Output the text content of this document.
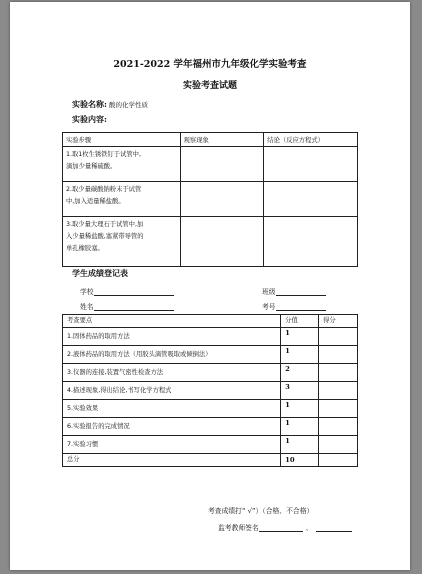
2021-2022 学年福州市九年级化学实验考查
实验考查试题
实验名称: 酸的化学性质
实验内容:
实验步骤	观察现象	结论（反应方程式）

1.取1枚生锈铁钉于试管中,
滴加少量稀硫酸。		

2.取少量碳酸钠粉末于试管
中,加入适量稀盐酸。		

3.取少量大理石于试管中,加
入少量稀盐酸,塞紧带导管的
单孔橡胶塞。		

学生成绩登记表
学校	班级
姓名	考号
考查要点	分值	得分
1.固体药品的取用方法	1	
2.液体药品的取用方法（用胶头滴管吸取或倾倒法）	1	
3.仪器的连接,装置气密性检查方法	2	
4.描述现象,得出结论,书写化学方程式	3	
5.实验效果	1	
6.实验报告的完成情况	1	
7.实验习惯	1	
总分	10	
考查成绩打“ √”）（合格、不合格）
监考教师签名	、
